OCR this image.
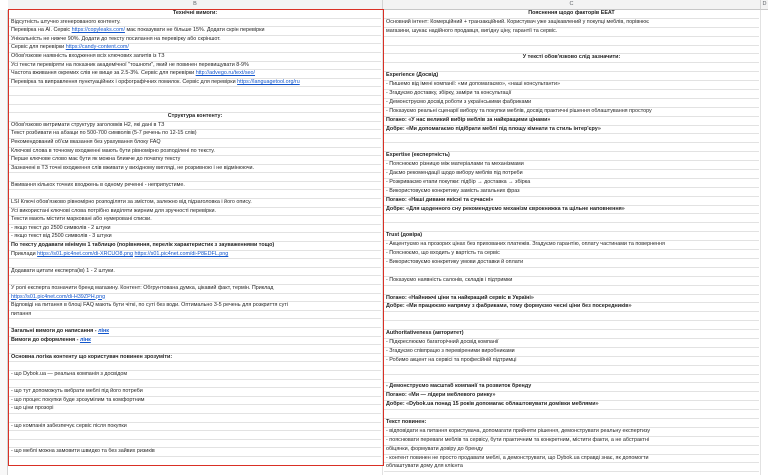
B	C	D
Технічні вимоги:
Відсутність штучно згенерованого контенту.
Перевірка на AI. Сервіс https://copyleaks.com/ має показувати не більше 15%. Додати скрін перевірки
Унікальність не нижче 90%. Додати до тексту посилання на перевірку або скріншот.
Сервіс для перевірки https://candy-content.com/
Обов'язкове наявність входження всіх ключових запитів із ТЗ
Усі тексти перевіряти на показник академічної "тошноти", який не повинен перевищувати 8-9%
Частота вживання окремих слів не вище за 2.5-3%. Сервіс для перевірки http://advego.ru/text/seo/
Перевірка та виправлення пунктуаційних і орфографічних помилок. Сервіс для перевірки https://languagetool.org/ru
Структура контенту:
Обов'язково витримати структуру заголовків H2, які дані в ТЗ
Текст розбивати на абзаци по 500-700 символів (5-7 речень по 12-15 слів)
Рекомендований об'єм вказання без урахування блоку FAQ
Ключові слова в точному входженні мають бути рівномірно розподілені по тексту.
Перше ключове слово має бути як можна ближче до початку тексту
Зазначені в ТЗ точні входження слів вживати у вихідному вигляді, не розривною і не відмінюючи.
Вживання кількох точних входжень в одному реченні - неприпустиме.
LSI Ключі обов'язково рівномірно розподіляти за змістом, залежно від підзаголовка і його опису.
Усі використані ключові слова потрібно виділяти жирним для зручності перевірки.
Тексти мають містити марковані або нумеровані списки.
- якщо текст до 2500 символів - 2 штуки
- якщо текст від 2500 символів - 3 штуки
По тексту додавати мінімум 1 таблицю (порівняння, перелік характеристик з зауваженнями тощо)
Приклади https://s01.pic4net.com/di-XRCUO8.png https://s01.pic4net.com/di-P8EDFL.png
Додавати цитати експерта(ів) 1 - 2 штуки.
У ролі експерта позначити бренд магазину. Контент: Обгрунтована думка, цікавий факт, термін. Приклад
https://s01.pic4net.com/di-H39ZPH.png
Відповіді на питання в блоці FAQ мають бути чіткі, по суті без води. Оптимально 3-5 речень для розкриття суті
питання
Загальні вимоги до написання - лінк
Вимоги до оформлення - лінк
Основна логіка контенту що користувач повинен зрозуміти:
- що Dybok.ua — реальна компанія з досвідом
- що тут допоможуть вибрати меблі під його потреби
- що процес покупки буде зрозумілим та комфортним
- що ціни прозорі
- що компанія забезпечує сервіс після покупки
- що меблі можна замовити швидко та без зайвих ризиків
Пояснення щодо факторів EEAT
Основний інтент: Комерційний + транзакційний. Користувач уже зацікавлений у покупці меблів, порівнює
магазини, шукає надійного продавця, вигідну ціну, гарантії та сервіс.
У тексті обов'язково слід зазначити:
Experience (Досвід)
- Пишемо від імені компанії: «ми допомагаємо», «наші консультанти»
- Згадуємо доставку, збірку, заміри та консультації
- Демонструємо досвід роботи з українськими фабриками
- Показуємо реальні сценарії вибору та покупки меблів, досвід практичні рішення облаштування простору
Погано: «У нас великий вибір меблів за найкращими цінами»
Добре: «Ми допомагаємо підібрати меблі під площу кімнати та стиль інтер'єру»
Expertise (експертність)
- Пояснюємо різницю між матеріалами та механізмами
- Даємо рекомендації щодо вибору меблів під потреби
- Розкриваємо етапи покупки: підбір → доставка → збірка
- Використовуємо конкретику замість загальних фраз
Погано: «Наші дивани якісні та сучасні»
Добре: «Для щоденного сну рекомендуємо механізм єврокнижка та щільне наповнення»
Trust (довіра)
- Акцентуємо на прозорих цінах без прихованих платежів. Згадуємо гарантію, оплату частинами та повернення
- Пояснюємо, що входить у вартість та сервіс
- Використовуємо конкретику умови доставки й оплати
- Показуємо наявність салонів, складів і підтримки
Погано: «Найнижчі ціни та найкращий сервіс в Україні»
Добре: «Ми працюємо напряму з фабриками, тому формуємо чесні ціни без посередників»
Authoritativeness (авторитет)
- Підкреслюємо багаторічний досвід компанії
- Згадуємо співпрацю з перевіреними виробниками
- Робимо акцент на сервісі та професійній підтримці
- Демонструємо масштаб компанії та розвиток бренду
Погано: «Ми — лідери меблевого ринку»
Добре: «Dybok.ua понад 15 років допомагає облаштовувати домівки меблями»
Текст повинен:
- відповідати на питання користувача, допомагати прийняти рішення, демонструвати реальну експертизу
- пояснювати переваги меблів та сервісу, бути практичним та конкретним, містити факти, а не абстрактні
обіцянки, формувати довіру до бренду
- контент повинен не просто продавати меблі, а демонструвати, що Dybok.ua справді знає, як допомогти
облаштувати дому для клієнта
